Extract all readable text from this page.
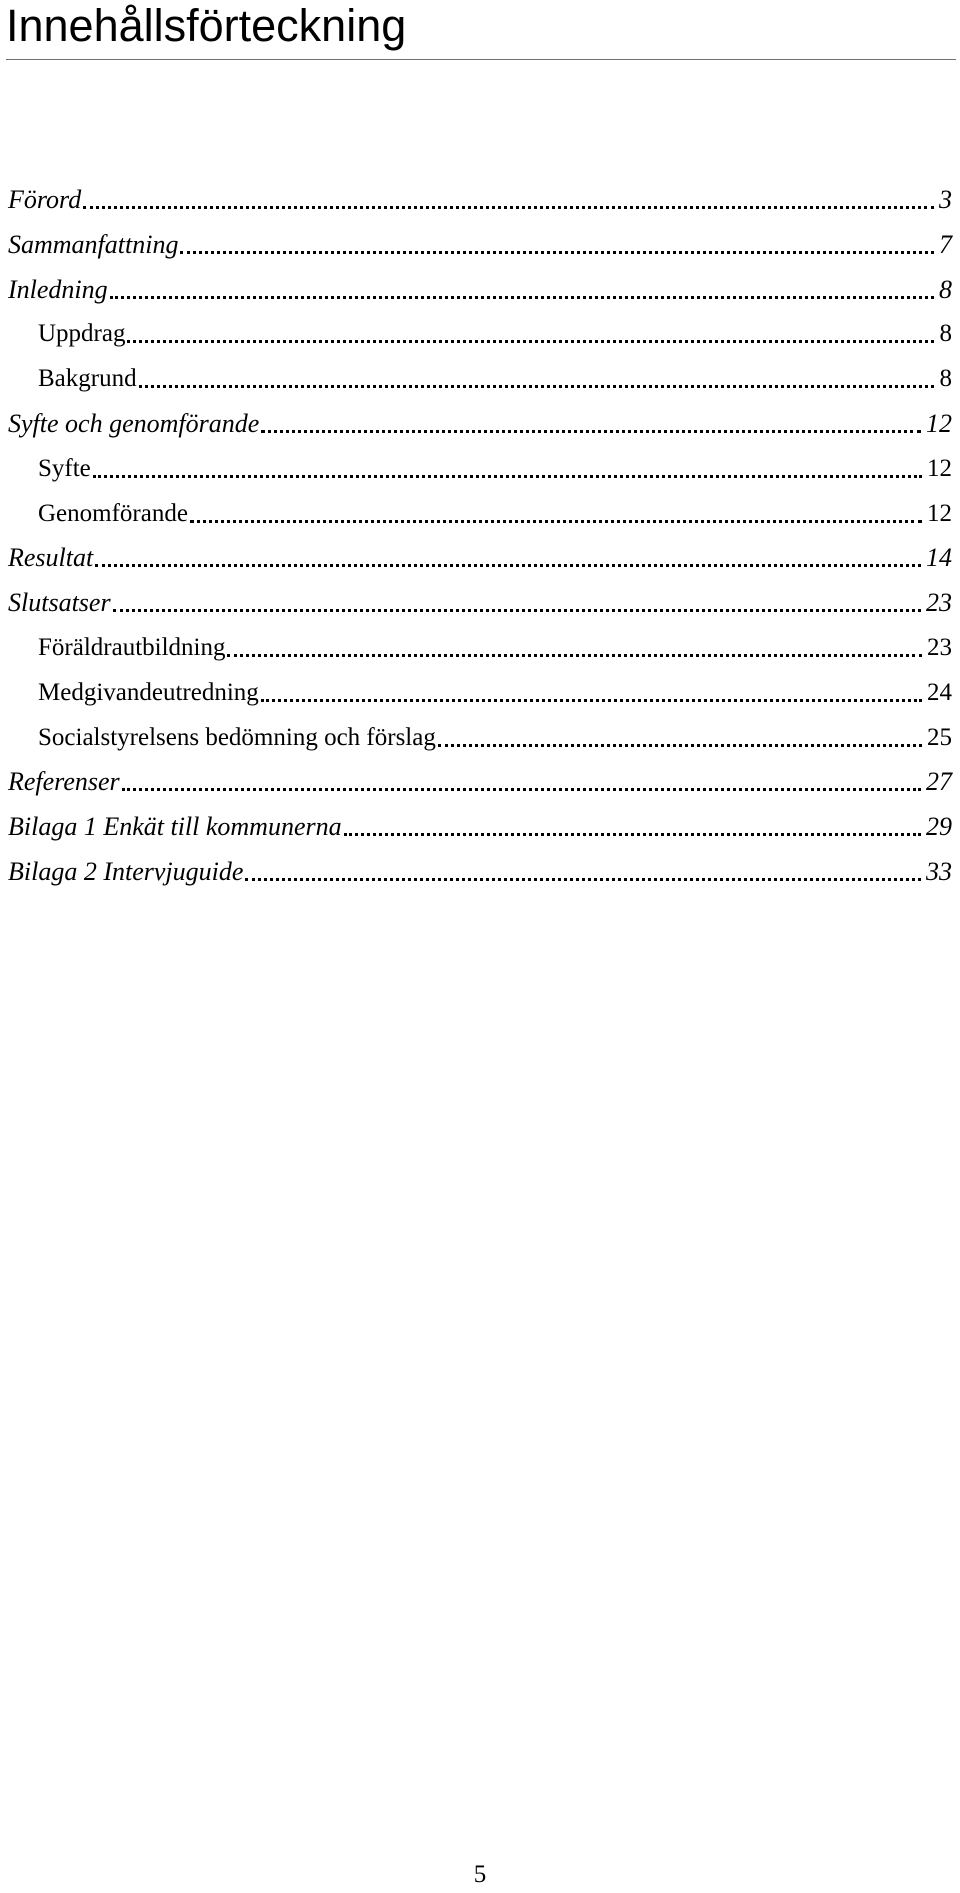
Innehållsförteckning
Förord	3
Sammanfattning	7
Inledning	8
Uppdrag	8
Bakgrund	8
Syfte och genomförande	12
Syfte	12
Genomförande	12
Resultat	14
Slutsatser	23
Föräldrautbildning	23
Medgivandeutredning	24
Socialstyrelsens bedömning och förslag	25
Referenser	27
Bilaga 1 Enkät till kommunerna	29
Bilaga 2 Intervjuguide	33
5
